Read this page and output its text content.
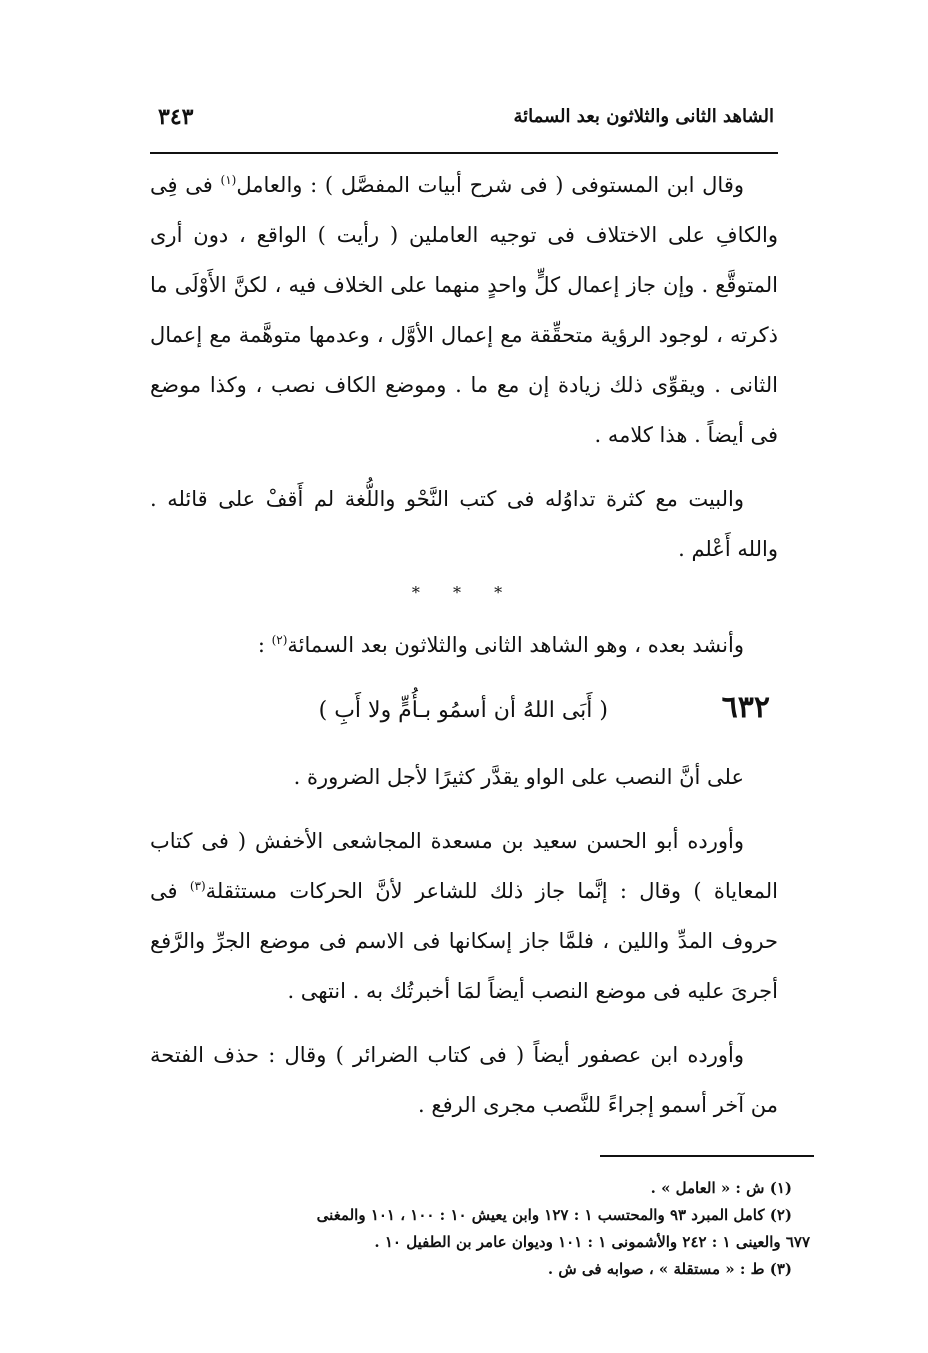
الشاهد الثانى والثلاثون بعد السمائة
٣٤٣

وقال ابن المستوفى ( فى شرح أبيات المفصَّل ) : والعامل$^{(١)}$ فى فِى والكافِ على الاختلاف فى توجيه العاملين ( رأيت ) الواقع ، دون أرى المتوقَّع . وإن جاز إعمال كلٍّ واحدٍ منهما على الخلاف فيه ، لكنَّ الأَوْلَى ما ذكرته ، لوجود الرؤية متحقِّقة مع إعمال الأوَّل ، وعدمها متوهَّمة مع إعمال الثانى . ويقوِّى ذلك زيادة إن مع ما . وموضع الكاف نصب ، وكذا موضع فى أيضاً . هذا كلامه .

والبيت مع كثرة تداوُله فى كتب النَّحْو واللُّغة لم أَقفْ على قائله . والله أَعْلم .

* * *

وأنشد بعده ، وهو الشاهد الثانى والثلاثون بعد السمائة$^{(٢)}$ :

٦٣٢
( أَبَى اللهُ أن أسمُو بـأُمٍّ ولا أَبِ )

على أنَّ النصب على الواو يقدَّر كثيرًا لأجل الضرورة .

وأورده أبو الحسن سعيد بن مسعدة المجاشعى الأخفش ( فى كتاب المعاياة ) وقال : إنَّما جاز ذلك للشاعر لأنَّ الحركات مستثقلة$^{(٣)}$ فى حروف المدِّ واللين ، فلمَّا جاز إسكانها فى الاسم فى موضع الجرِّ والرَّفع أجرىَ عليه فى موضع النصب أيضاً لمَا أخبرتُك به . انتهى .

وأورده ابن عصفور أيضاً ( فى كتاب الضرائر ) وقال : حذف الفتحة من آخر أسمو إجراءً للنَّصب مجرى الرفع .

(١) ش : « العامل » .

(٢) كامل المبرد ٩٣ والمحتسب ١ : ١٢٧ وابن يعيش ١٠ : ١٠٠ ، ١٠١ والمغنى

٦٧٧ والعينى ١ : ٢٤٢ والأشمونى ١ : ١٠١ وديوان عامر بن الطفيل ١٠ .

(٣) ط : « مستقلة » ، صوابه فى ش .
